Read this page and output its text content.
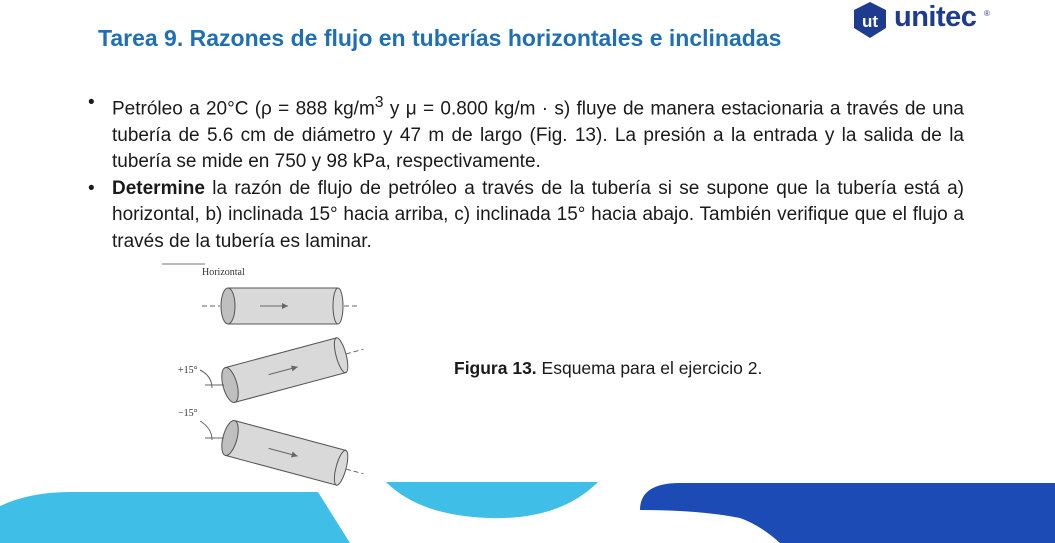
Tarea 9. Razones de flujo en tuberías horizontales e inclinadas
ut unitec ®
• Petróleo a 20°C (ρ = 888 $kg/m^3$ y μ = 0.800 kg/m · s) fluye de manera estacionaria a través de una tubería de 5.6 cm de diámetro y 47 m de largo (Fig. 13). La presión a la entrada y la salida de la tubería se mide en 750 y 98 kPa, respectivamente.
• Determine la razón de flujo de petróleo a través de la tubería si se supone que la tubería está a) horizontal, b) inclinada 15° hacia arriba, c) inclinada 15° hacia abajo. También verifique que el flujo a través de la tubería es laminar.
Horizontal
+15°
−15°
Figura 13. Esquema para el ejercicio 2.
